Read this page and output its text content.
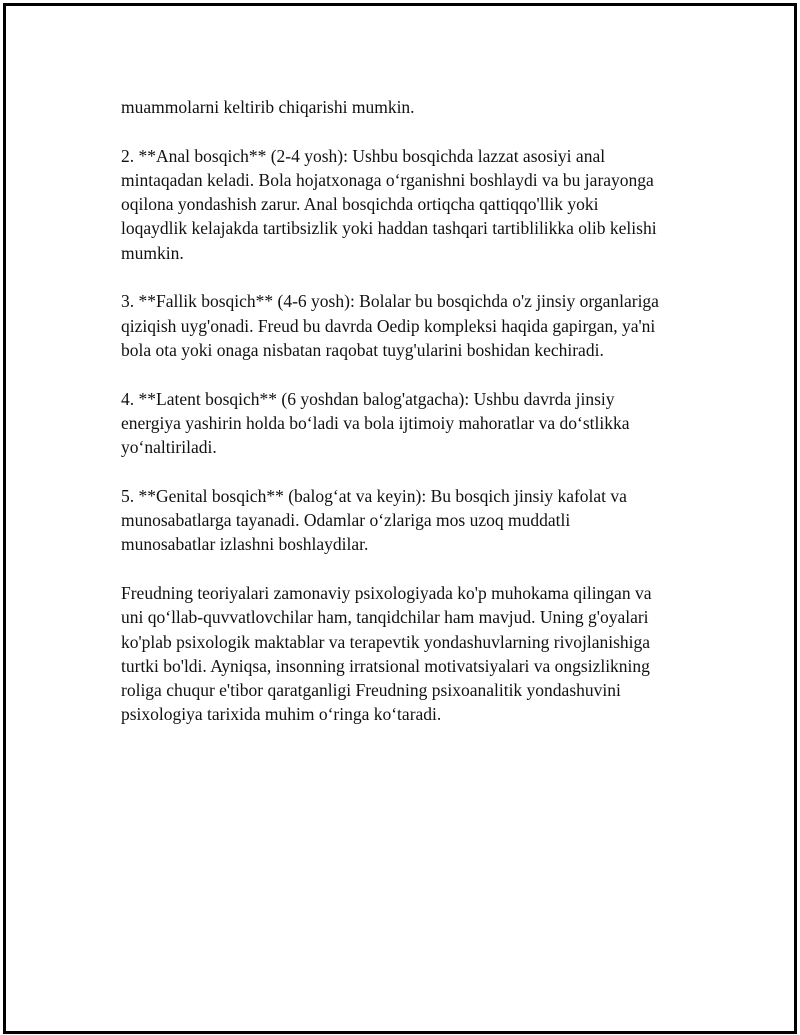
muammolarni keltirib chiqarishi mumkin.

2. **Anal bosqich** (2-4 yosh): Ushbu bosqichda lazzat asosiyi anal
mintaqadan keladi. Bola hojatxonaga o‘rganishni boshlaydi va bu jarayonga
oqilona yondashish zarur. Anal bosqichda ortiqcha qattiqqo'llik yoki
loqaydlik kelajakda tartibsizlik yoki haddan tashqari tartiblilikka olib kelishi
mumkin.

3. **Fallik bosqich** (4-6 yosh): Bolalar bu bosqichda o'z jinsiy organlariga
qiziqish uyg'onadi. Freud bu davrda Oedip kompleksi haqida gapirgan, ya'ni
bola ota yoki onaga nisbatan raqobat tuyg'ularini boshidan kechiradi.

4. **Latent bosqich** (6 yoshdan balog'atgacha): Ushbu davrda jinsiy
energiya yashirin holda bo‘ladi va bola ijtimoiy mahoratlar va do‘stlikka
yo‘naltiriladi.

5. **Genital bosqich** (balog‘at va keyin): Bu bosqich jinsiy kafolat va
munosabatlarga tayanadi. Odamlar o‘zlariga mos uzoq muddatli
munosabatlar izlashni boshlaydilar.

Freudning teoriyalari zamonaviy psixologiyada ko'p muhokama qilingan va
uni qo‘llab-quvvatlovchilar ham, tanqidchilar ham mavjud. Uning g'oyalari
ko'plab psixologik maktablar va terapevtik yondashuvlarning rivojlanishiga
turtki bo'ldi. Ayniqsa, insonning irratsional motivatsiyalari va ongsizlikning
roliga chuqur e'tibor qaratganligi Freudning psixoanalitik yondashuvini
psixologiya tarixida muhim o‘ringa ko‘taradi.
